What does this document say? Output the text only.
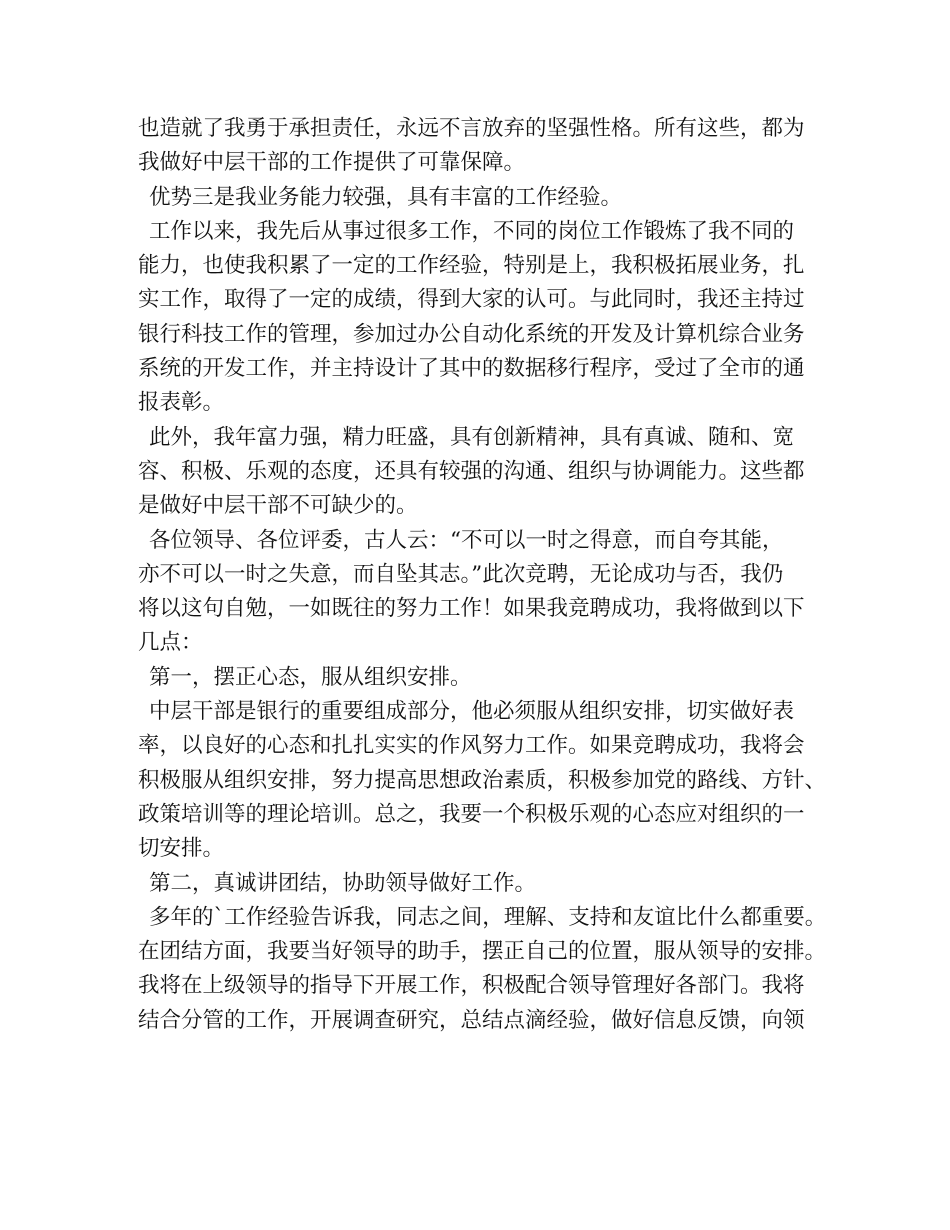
也造就了我勇于承担责任，永远不言放弃的坚强性格。所有这些，都为
我做好中层干部的工作提供了可靠保障。
优势三是我业务能力较强，具有丰富的工作经验。
工作以来，我先后从事过很多工作，不同的岗位工作锻炼了我不同的
能力，也使我积累了一定的工作经验，特别是上，我积极拓展业务，扎
实工作，取得了一定的成绩，得到大家的认可。与此同时，我还主持过
银行科技工作的管理，参加过办公自动化系统的开发及计算机综合业务
系统的开发工作，并主持设计了其中的数据移行程序，受过了全市的通
报表彰。
此外，我年富力强，精力旺盛，具有创新精神，具有真诚、随和、宽
容、积极、乐观的态度，还具有较强的沟通、组织与协调能力。这些都
是做好中层干部不可缺少的。
各位领导、各位评委，古人云：“不可以一时之得意，而自夸其能，
亦不可以一时之失意，而自坠其志。”此次竞聘，无论成功与否，我仍
将以这句自勉，一如既往的努力工作！如果我竞聘成功，我将做到以下
几点：
第一，摆正心态，服从组织安排。
中层干部是银行的重要组成部分，他必须服从组织安排，切实做好表
率，以良好的心态和扎扎实实的作风努力工作。如果竞聘成功，我将会
积极服从组织安排，努力提高思想政治素质，积极参加党的路线、方针、
政策培训等的理论培训。总之，我要一个积极乐观的心态应对组织的一
切安排。
第二，真诚讲团结，协助领导做好工作。
多年的`工作经验告诉我，同志之间，理解、支持和友谊比什么都重要。
在团结方面，我要当好领导的助手，摆正自己的位置，服从领导的安排。
我将在上级领导的指导下开展工作，积极配合领导管理好各部门。我将
结合分管的工作，开展调查研究，总结点滴经验，做好信息反馈，向领
